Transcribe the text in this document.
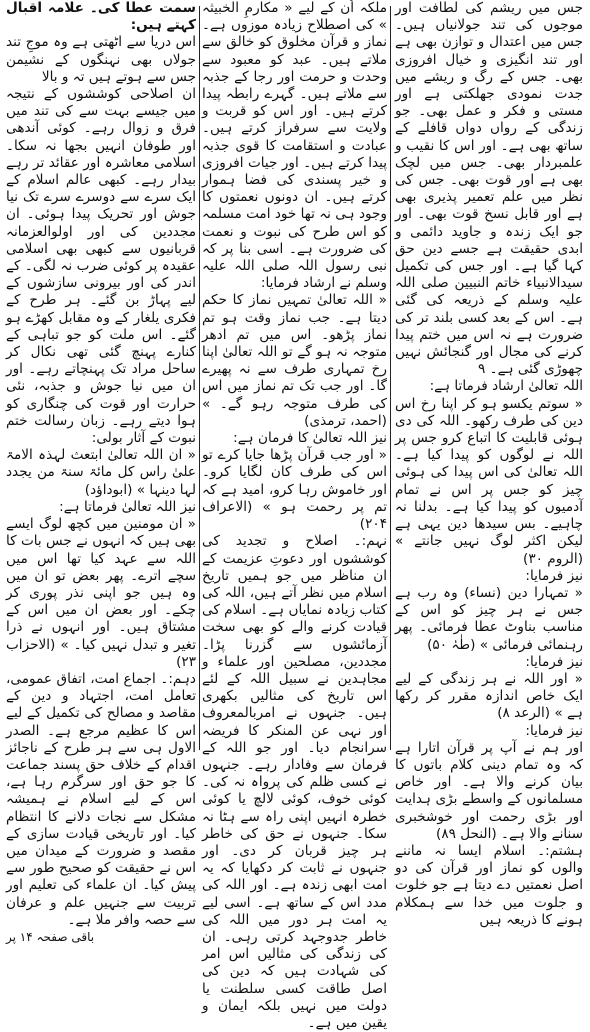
جس میں ریشم کی لطافت اور موجوں کی تند جولانیاں ہیں۔ جس میں اعتدال و توازن بھی ہے اور تند انگیزی و خیال افروزی بھی۔ جس کے رگ و ریشے میں جدت نمودی جھلکتی ہے اور مستی و فکر و عمل بھی۔ جو زندگی کے رواں دواں قافلے کے ساتھ بھی ہے۔ اور اس کا نقیب و علمبردار بھی۔ جس میں لچک بھی ہے اور قوت بھی۔ جس کی نظر میں علم تعمیر پذیری بھی ہے اور قابل نسخ قوت بھی۔ اور جو ایک زندہ و جاوید دائمی و ابدی حقیقت ہے جسے دین حق کہا گیا ہے۔ اور جس کی تکمیل سیدالانبیاء خاتم النبیین صلی اللہ علیہ وسلم کے ذریعہ کی گئی ہے۔ اس کے بعد کسی بلند تر کی ضرورت ہے نہ اس میں ختم پیدا کرنے کی مجال اور گنجائش نہیں چھوڑی گئی ہے۔ ۹

اللہ تعالیٰ ارشاد فرماتا ہے:

« سوتم یکسو ہو کر اپنا رخ اس دین کی طرف رکھو۔ اللہ کی دی ہوئی قابلیت کا اتباع کرو جس پر اللہ نے لوگوں کو پیدا کیا ہے۔ اللہ تعالیٰ کی اس پیدا کی ہوئی چیز کو جس پر اس نے تمام آدمیوں کو پیدا کیا ہے۔ بدلنا نہ چاہیے۔ بس سیدھا دین یہی ہے لیکن اکثر لوگ نہیں جانتے » (الروم ۳۰)

نیز فرمایا:

« تمہارا دین (نساء) وہ رب ہے جس نے ہر چیز کو اس کے مناسب بناوٹ عطا فرمائی۔ پھر رہنمائی فرمائی » (طٰہٰ ۵۰)

نیز فرمایا:

« اور اللہ نے ہر زندگی کے لیے ایک خاص اندازہ مقرر کر رکھا ہے » (الرعد ۸)

نیز فرمایا:

اور ہم نے آپ پر قرآن اتارا ہے کہ وہ تمام دینی کلام باتوں کا بیان کرنے والا ہے۔ اور خاص مسلمانوں کے واسطے بڑی ہدایت اور بڑی رحمت اور خوشخبری سنانے والا ہے۔ (النحل ۸۹)

ہشتم:۔ اسلام ایسا نہ ماننے والوں کو نماز اور قرآن کی دو اصل نعمتیں دے دیتا ہے جو خلوت و جلوت میں خدا سے ہمکلام ہونے کا ذریعہ ہیں

ملکہ اُن کے لیے « مکارمِ الخبیثہ » کی اصطلاح زیادہ موزوں ہے۔ نماز و قرآن مخلوق کو خالق سے ملاتے ہیں۔ عبد کو معبود سے وحدت و حرمت اور رجا کے جذبہ سے ملاتے ہیں۔ گہرے رابطہ پیدا کرتے ہیں۔ اور اس کو قربت و ولایت سے سرفراز کرتے ہیں۔ عبادت و استقامت کا قوی جذبہ پیدا کرتے ہیں۔ اور جیات افروزی و خیر پسندی کی فضا ہموار کرتے ہیں۔ ان دونوں نعمتوں کا وجود ہی نہ تھا خود امت مسلمہ کو اس طرح کی نبوت و نعمت کی ضرورت ہے۔ اسی بنا پر کہ نبی رسول اللہ صلی اللہ علیہ وسلم نے ارشاد فرمایا:

« اللہ تعالیٰ تمہیں نماز کا حکم دیتا ہے۔ جب نماز وقت ہو تم نماز پڑھو۔ اس میں تم ادھر متوجہ نہ ہو گے تو اللہ تعالیٰ اپنا رخ تمہاری طرف سے نہ پھیرے گا۔ اور جب تک تم نماز میں اس کی طرف متوجہ رہو گے۔ » (احمد، ترمذی)

نیز اللہ تعالیٰ کا فرمان ہے:

« اور جب قرآن پڑھا جایا کرے تو اس کی طرف کان لگایا کرو۔ اور خاموش رہا کرو، امید ہے کہ تم پر رحمت ہو » (الاعراف ۲۰۴)

نہم:۔ اصلاح و تجدید کی کوششوں اور دعوتِ عزیمت کے ان مناظر میں جو ہمیں تاریخ اسلام میں نظر آتے ہیں، اللہ کی کتاب زیادہ نمایاں ہے۔ اسلام کی قیادت کرنے والے کو بھی سخت آزمائشوں سے گزرنا پڑا۔ مجددین، مصلحین اور علماء و مجاہدین نے سبیل اللہ کے لئے اس تاریخ کی مثالیں بکھری ہیں۔ جنہوں نے امربالمعروف اور نہی عن المنکر کا فریضہ سرانجام دیا۔ اور جو اللہ کے فرمان سے وفادار رہے۔ جنہوں نے کسی ظلم کی پرواہ نہ کی۔ کوئی خوف، کوئی لالچ یا کوئی خطرہ انہیں اپنی راہ سے ہٹا نہ سکا۔ جنہوں نے حق کی خاطر ہر چیز قربان کر دی۔ اور جنہوں نے ثابت کر دکھایا کہ یہ امت ابھی زندہ ہے۔ اور اللہ کی مدد اس کے ساتھ ہے۔ اسی لیے یہ امت ہر دور میں اللہ کی خاطر جدوجہد کرتی رہی۔ ان کی زندگی کی مثالیں اس امر کی شہادت ہیں کہ دین کی اصل طاقت کسی سلطنت یا دولت میں نہیں بلکہ ایمان و یقین میں ہے۔

سمت عطا کی۔ علامہ اقبال کہتے ہیں:

اس دریا سے اٹھتی ہے وہ موجِ تند جولاں بھی نہنگوں کے نشیمن جس سے ہوتے ہیں تہ و بالا

ان اصلاحی کوششوں کے نتیجہ میں جیسے بہت سے کی تند میں فرق و زوال رہے۔ کوئی آندھی اور طوفان انہیں بجھا نہ سکا۔ اسلامی معاشرہ اور عقائد تر رہے بیدار رہے۔ کبھی عالم اسلام کے ایک سرے سے دوسرے سرے تک نیا جوش اور تحریک پیدا ہوئی۔ ان مجددین کی اور اولوالعزمانہ قربانیوں سے کبھی بھی اسلامی عقیدہ پر کوئی ضرب نہ لگی۔ کے اندر کی اور بیرونی سازشوں کے لیے پہاڑ بن گئے۔ ہر طرح کے فکری یلغار کے وہ مقابل کھڑے ہو گئے۔ اس ملت کو جو تباہی کے کنارے پہنچ گئی تھی نکال کر ساحل مراد تک پہنچاتے رہے۔ اور ان میں نیا جوش و جذبہ، نئی حرارت اور قوت کی چنگاری کو ہوا دیتے رہے۔ زبان رسالت ختم نبوت کے آثار بولی:

« ان اللہ تعالیٰ ابتعث لہذہ الامۃ علیٰ راس کل مائۃ سنۃ من یجدد لہا دینہا » (ابوداؤد)

نیز اللہ تعالیٰ فرماتا ہے:

« ان مومنین میں کچھ لوگ ایسے بھی ہیں کہ انہوں نے جس بات کا اللہ سے عہد کیا تھا اس میں سچے اترے۔ پھر بعض تو ان میں وہ ہیں جو اپنی نذر پوری کر چکے۔ اور بعض ان میں اس کے مشتاق ہیں۔ اور انہوں نے ذرا تغیر و تبدل نہیں کیا۔ » (الاحزاب ۲۳)

دہم:۔ اجماع امت، اتفاق عمومی، تعامل امت، اجتہاد و دین کے مقاصد و مصالح کی تکمیل کے لیے اس کا عظیم مرجع ہے۔ الصدر الاول ہی سے ہر طرح کے ناجائز اقدام کے خلاف حق پسند جماعت کا جو حق اور سرگرم رہا ہے، اس کے لیے اسلام نے ہمیشہ مشکل سے نجات دلانے کا انتظام کیا۔ اور تاریخی قیادت سازی کے مقصد و ضرورت کے میدان میں اس نے حقیقت کو صحیح طور سے پیش کیا۔ ان علماء کی تعلیم اور تربیت سے جنہیں علم و عرفان سے حصہ وافر ملا ہے۔

باقی صفحہ ۱۴ پر
